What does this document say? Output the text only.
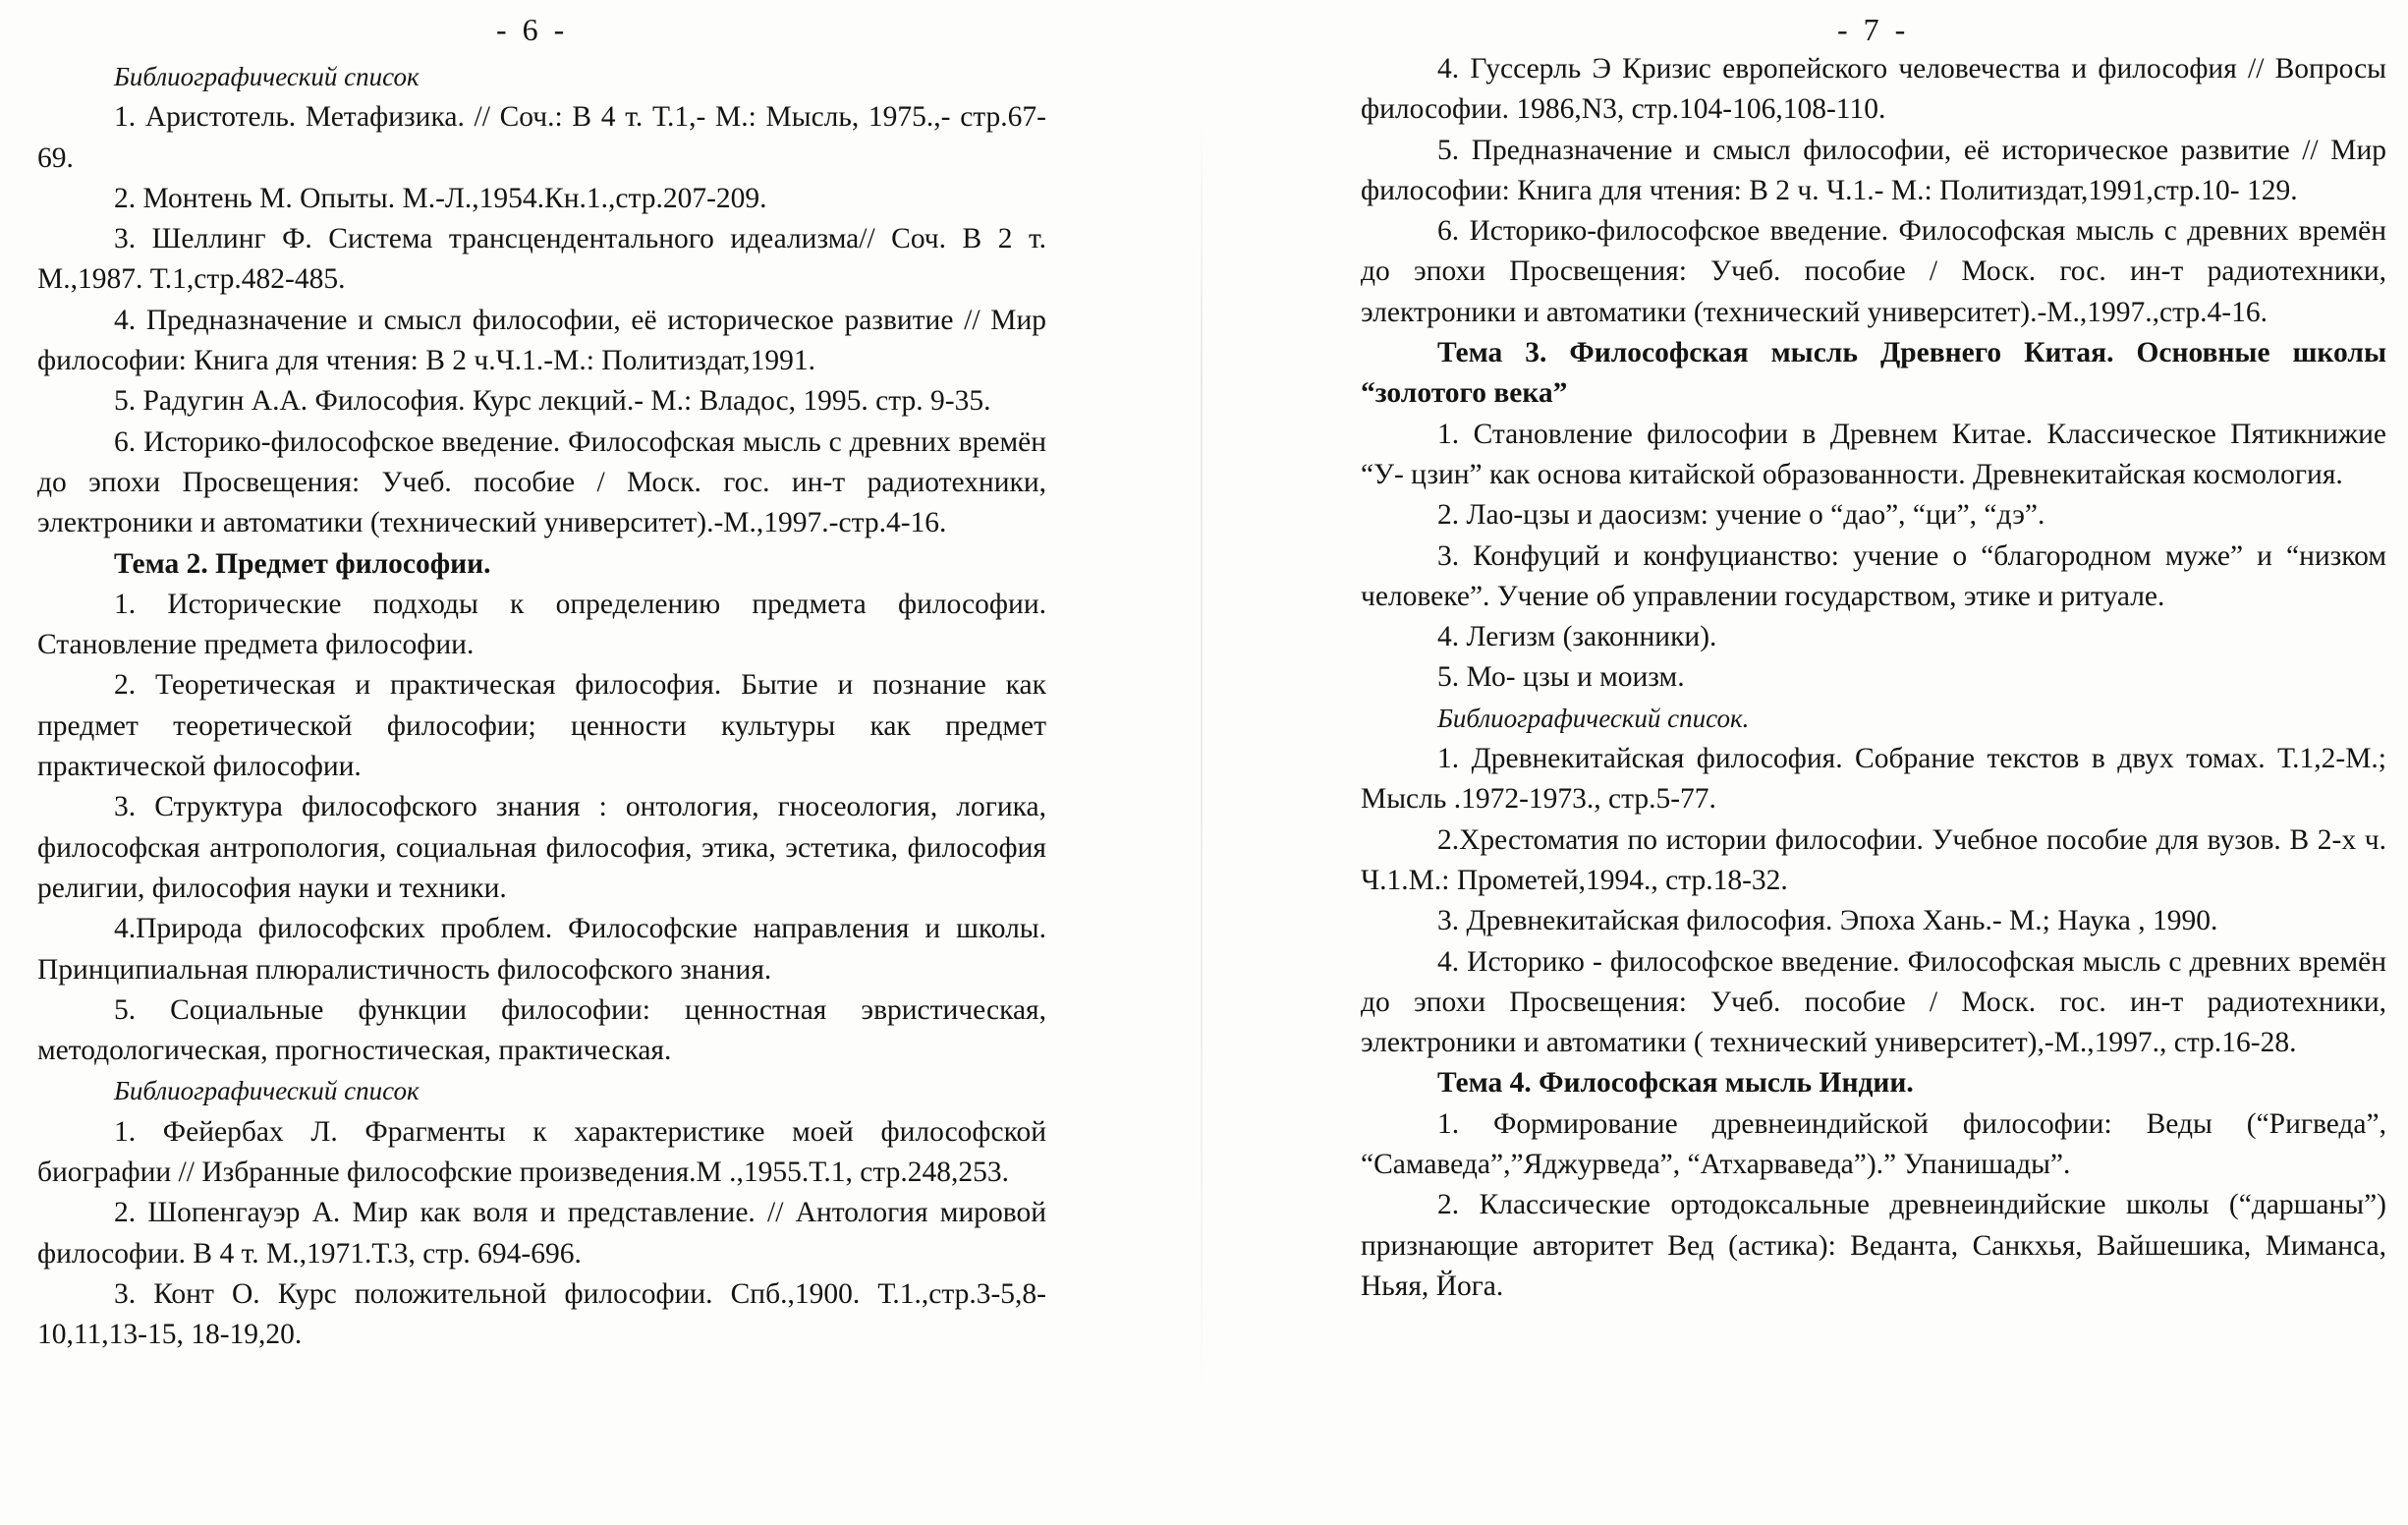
- 6 -

Библиографический список

1. Аристотель. Метафизика. // Соч.: В 4 т. Т.1,- М.: Мысль, 1975.,- стр.67-69.

2. Монтень М. Опыты. М.-Л.,1954.Кн.1.,стр.207-209.

3. Шеллинг Ф. Система трансцендентального идеализма// Соч. В 2 т. М.,1987. Т.1,стр.482-485.

4. Предназначение и смысл философии, её историческое развитие // Мир философии: Книга для чтения: В 2 ч.Ч.1.-М.: Политиздат,1991.

5. Радугин А.А. Философия. Курс лекций.- М.: Владос, 1995. стр. 9-35.

6. Историко-философское введение. Философская мысль с древних времён до эпохи Просвещения: Учеб. пособие / Моск. гос. ин-т радиотехники, электроники и автоматики (технический университет).-М.,1997.-стр.4-16.

Тема 2. Предмет философии.

1. Исторические подходы к определению предмета философии. Становление предмета философии.

2. Теоретическая и практическая философия. Бытие и познание как предмет теоретической философии; ценности культуры как предмет практической философии.

3. Структура философского знания : онтология, гносеология, логика, философская антропология, социальная философия, этика, эстетика, философия религии, философия науки и техники.

4.Природа философских проблем. Философские направления и школы. Принципиальная плюралистичность философского знания.

5. Социальные функции философии: ценностная эвристическая, методологическая, прогностическая, практическая.

Библиографический список

1. Фейербах Л. Фрагменты к характеристике моей философской биографии // Избранные философские произведения.М .,1955.Т.1, стр.248,253.

2. Шопенгауэр А. Мир как воля и представление. // Антология мировой философии. В 4 т. М.,1971.Т.3, стр. 694-696.

3. Конт О. Курс положительной философии. Спб.,1900. Т.1.,стр.3-5,8-10,11,13-15, 18-19,20.

- 7 -

4. Гуссерль Э Кризис европейского человечества и философия // Вопросы философии. 1986,N3, стр.104-106,108-110.

5. Предназначение и смысл философии, её историческое развитие // Мир философии: Книга для чтения: В 2 ч. Ч.1.- М.: Политиздат,1991,стр.10- 129.

6. Историко-философское введение. Философская мысль с древних времён до эпохи Просвещения: Учеб. пособие / Моск. гос. ин-т радиотехники, электроники и автоматики (технический университет).-М.,1997.,стр.4-16.

Тема 3. Философская мысль Древнего Китая. Основные школы “золотого века”

1. Становление философии в Древнем Китае. Классическое Пятикнижие “У- цзин” как основа китайской образованности. Древнекитайская космология.

2. Лао-цзы и даосизм: учение о “дао”, “ци”, “дэ”.

3. Конфуций и конфуцианство: учение о “благородном муже” и “низком человеке”. Учение об управлении государством, этике и ритуале.

4. Легизм (законники).

5. Мо- цзы и моизм.

Библиографический список.

1. Древнекитайская философия. Собрание текстов в двух томах. Т.1,2-М.; Мысль .1972-1973., стр.5-77.

2.Хрестоматия по истории философии. Учебное пособие для вузов. В 2-х ч. Ч.1.М.: Прометей,1994., стр.18-32.

3. Древнекитайская философия. Эпоха Хань.- М.; Наука , 1990.

4. Историко - философское введение. Философская мысль с древних времён до эпохи Просвещения: Учеб. пособие / Моск. гос. ин-т радиотехники, электроники и автоматики ( технический университет),-М.,1997., стр.16-28.

Тема 4. Философская мысль Индии.

1. Формирование древнеиндийской философии: Веды (“Ригведа”, “Самаведа”,”Яджурведа”, “Атхарваведа”).” Упанишады”.

2. Классические ортодоксальные древнеиндийские школы (“даршаны”) признающие авторитет Вед (астика): Веданта, Санкхья, Вайшешика, Миманса, Ньяя, Йога.
